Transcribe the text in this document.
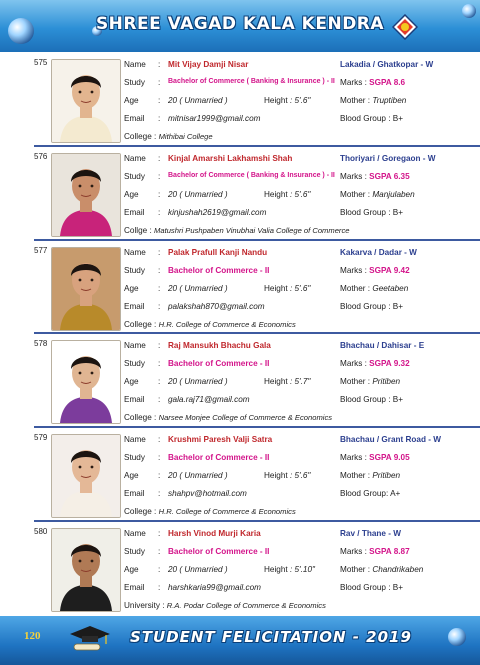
SHREE VAGAD KALA KENDRA
575	Name	: Mit Vijay Damji Nisar	Lakadia / Ghatkopar - W
Study	: Bachelor of Commerce ( Banking & Insurance ) - II Marks : SGPA 8.6
Age	: 20 ( Unmarried )	Height : 5'.6"	Mother : Truptiben
Email	: mitnisar1999@gmail.com	Blood Group : B+
College : Mithibai College
576	Name	: Kinjal Amarshi Lakhamshi Shah	Thoriyari / Goregaon - W
Study	: Bachelor of Commerce ( Banking & Insurance ) - II Marks : SGPA 6.35
Age	: 20 ( Unmarried )	Height : 5'.6"	Mother : Manjulaben
Email	: kinjushah2619@gmail.com	Blood Group : B+
Collge : Matushri Pushpaben Vinubhai Valia College of Commerce
577	Name	: Palak Prafull Kanji Nandu	Kakarva / Dadar - W
Study	: Bachelor of Commerce - II	Marks : SGPA 9.42
Age	: 20 ( Unmarried )	Height : 5'.6"	Mother : Geetaben
Email	: palakshah870@gmail.com	Blood Group : B+
College : H.R. College of Commerce & Economics
578	Name	: Raj Mansukh Bhachu Gala	Bhachau / Dahisar - E
Study	: Bachelor of Commerce - II	Marks : SGPA 9.32
Age	: 20 ( Unmarried )	Height : 5'.7"	Mother : Pritiben
Email	: gala.raj71@gmail.com	Blood Group : B+
College : Narsee Monjee College of Commerce & Economics
579	Name	: Krushmi Paresh Valji Satra	Bhachau / Grant Road - W
Study	: Bachelor of Commerce - II	Marks : SGPA 9.05
Age	: 20 ( Unmarried )	Height : 5'.6"	Mother : Pritiben
Email	: shahpv@hotmail.com	Blood Group: A+
College : H.R. College of Commerce & Economics
580	Name	: Harsh Vinod Murji Karia	Rav / Thane - W
Study	: Bachelor of Commerce - II	Marks : SGPA 8.87
Age	: 20 ( Unmarried )	Height : 5'.10"	Mother : Chandrikaben
Email	: harshkaria99@gmail.com	Blood Group : B+
University : R.A. Podar College of Commerce & Economics
120	STUDENT FELICITATION - 2019
